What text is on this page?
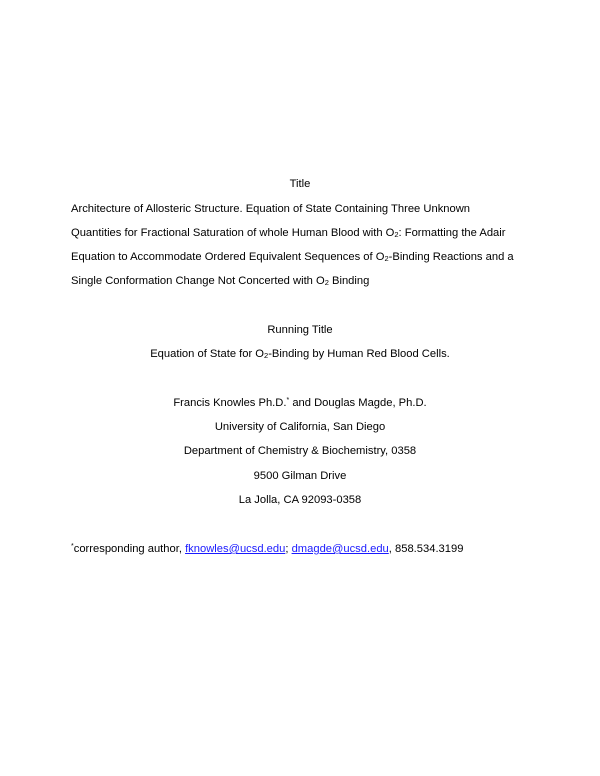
Title
Architecture of Allosteric Structure. Equation of State Containing Three Unknown
Quantities for Fractional Saturation of whole Human Blood with $O_2$: Formatting the Adair
Equation to Accommodate Ordered Equivalent Sequences of $O_2$-Binding Reactions and a
Single Conformation Change Not Concerted with $O_2$ Binding
Running Title
Equation of State for $O_2$-Binding by Human Red Blood Cells.
Francis Knowles Ph.D.* and Douglas Magde, Ph.D.
University of California, San Diego
Department of Chemistry & Biochemistry, 0358
9500 Gilman Drive
La Jolla, CA 92093-0358
*corresponding author, fknowles@ucsd.edu; dmagde@ucsd.edu, 858.534.3199
